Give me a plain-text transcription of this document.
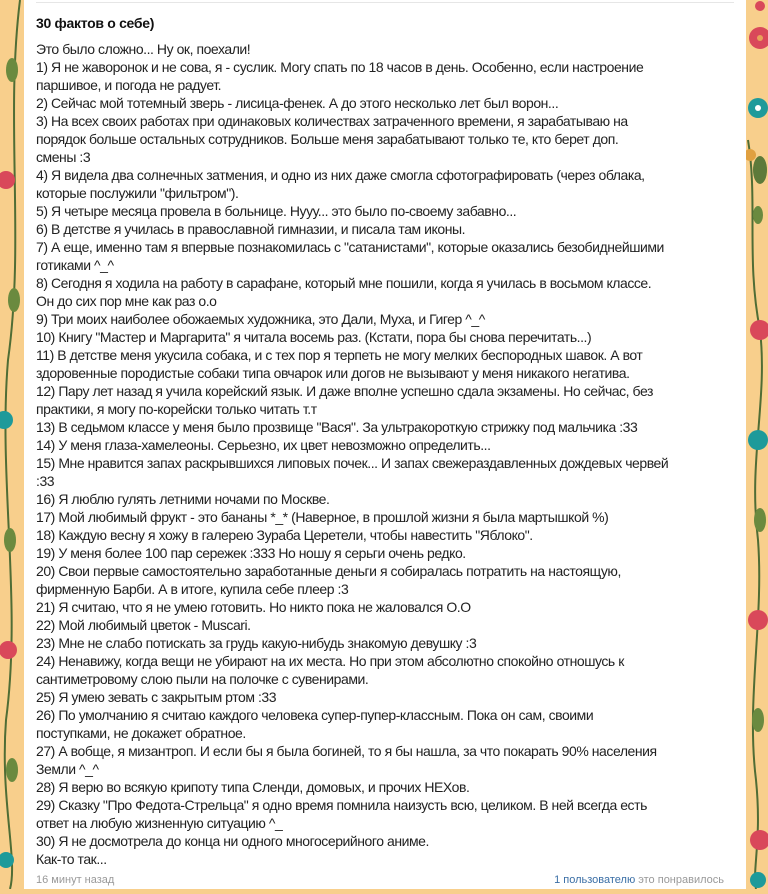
30 фактов о себе)
Это было сложно... Ну ок, поехали!
1) Я не жаворонок и не сова, я - суслик. Могу спать по 18 часов в день. Особенно, если настроение
паршивое, и погода не радует.
2) Сейчас мой тотемный зверь - лисица-фенек. А до этого несколько лет был ворон...
3) На всех своих работах при одинаковых количествах затраченного времени, я зарабатываю на
порядок больше остальных сотрудников. Больше меня зарабатывают только те, кто берет доп.
смены :3
4) Я видела два солнечных затмения, и одно из них даже смогла сфотографировать (через облака,
которые послужили "фильтром").
5) Я четыре месяца провела в больнице. Нууу... это было по-своему забавно...
6) В детстве я училась в православной гимназии, и писала там иконы.
7) А еще, именно там я впервые познакомилась с "сатанистами", которые оказались безобиднейшими
готиками ^_^
8) Сегодня я ходила на работу в сарафане, который мне пошили, когда я училась в восьмом классе.
Он до сих пор мне как раз о.о
9) Три моих наиболее обожаемых художника, это Дали, Муха, и Гигер ^_^
10) Книгу "Мастер и Маргарита" я читала восемь раз. (Кстати, пора бы снова перечитать...)
11) В детстве меня укусила собака, и с тех пор я терпеть не могу мелких беспородных шавок. А вот
здоровенные породистые собаки типа овчарок или догов не вызывают у меня никакого негатива.
12) Пару лет назад я учила корейский язык. И даже вполне успешно сдала экзамены. Но сейчас, без
практики, я могу по-корейски только читать т.т
13) В седьмом классе у меня было прозвище "Вася". За ультракороткую стрижку под мальчика :33
14) У меня глаза-хамелеоны. Серьезно, их цвет невозможно определить...
15) Мне нравится запах раскрывшихся липовых почек... И запах свежераздавленных дождевых червей
:33
16) Я люблю гулять летними ночами по Москве.
17) Мой любимый фрукт - это бананы *_* (Наверное, в прошлой жизни я была мартышкой %)
18) Каждую весну я хожу в галерею Зураба Церетели, чтобы навестить "Яблоко".
19) У меня более 100 пар сережек :333 Но ношу я серьги очень редко.
20) Свои первые самостоятельно заработанные деньги я собиралась потратить на настоящую,
фирменную Барби. А в итоге, купила себе плеер :3
21) Я считаю, что я не умею готовить. Но никто пока не жаловался О.О
22) Мой любимый цветок - Muscari.
23) Мне не слабо потискать за грудь какую-нибудь знакомую девушку :3
24) Ненавижу, когда вещи не убирают на их места. Но при этом абсолютно спокойно отношусь к
сантиметровому слою пыли на полочке с сувенирами.
25) Я умею зевать с закрытым ртом :33
26) По умолчанию я считаю каждого человека супер-пупер-классным. Пока он сам, своими
поступками, не докажет обратное.
27) А вобще, я мизантроп. И если бы я была богиней, то я бы нашла, за что покарать 90% населения
Земли ^_^
28) Я верю во всякую крипоту типа Сленди, домовых, и прочих НЕХов.
29) Сказку "Про Федота-Стрельца" я одно время помнила наизусть всю, целиком. В ней всегда есть
ответ на любую жизненную ситуацию ^_
30) Я не досмотрела до конца ни одного многосерийного аниме.
Как-то так...
16 минут назад	1 пользователю это понравилось
